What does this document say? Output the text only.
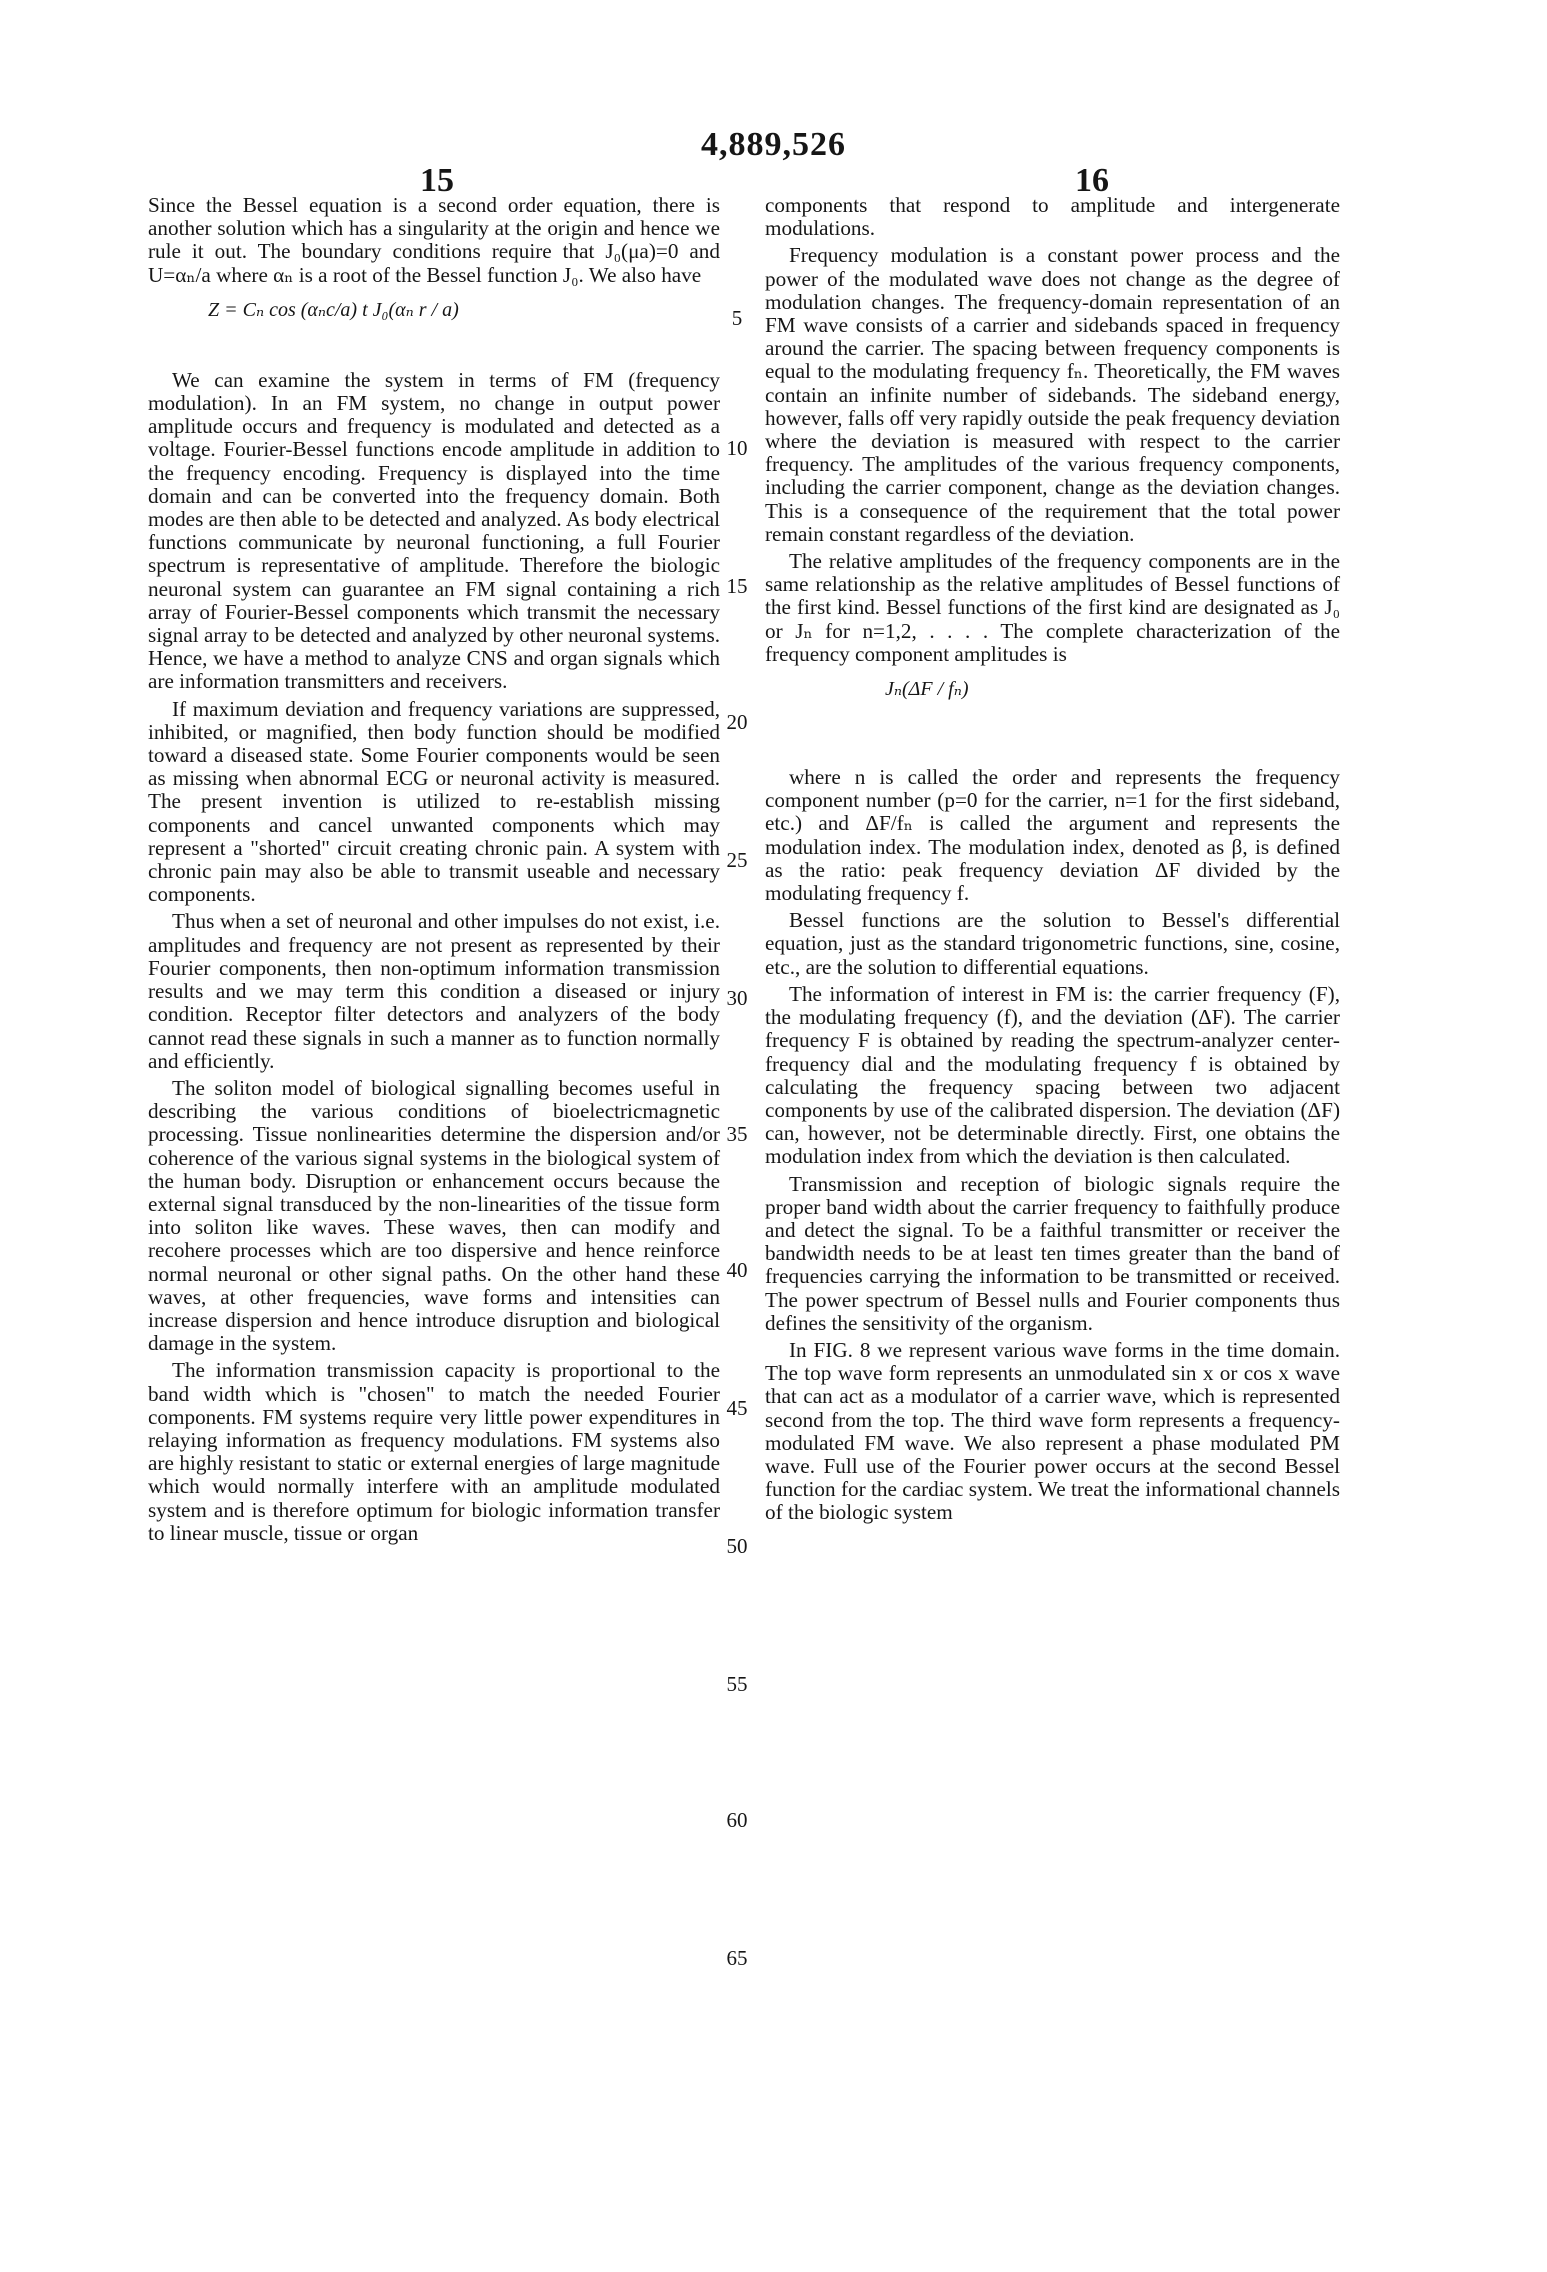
4,889,526
15	16

Since the Bessel equation is a second order equation, there is another solution which has a singularity at the origin and hence we rule it out. The boundary conditions require that J₀(μa)=0 and U=αₙ/a where αₙ is a root of the Bessel function J₀. We also have

Z = Cₙ cos (αₙc/a) t J₀(αₙ r / a)

We can examine the system in terms of FM (frequency modulation). In an FM system, no change in output power amplitude occurs and frequency is modulated and detected as a voltage. Fourier-Bessel functions encode amplitude in addition to the frequency encoding. Frequency is displayed into the time domain and can be converted into the frequency domain. Both modes are then able to be detected and analyzed. As body electrical functions communicate by neuronal functioning, a full Fourier spectrum is representative of amplitude. Therefore the biologic neuronal system can guarantee an FM signal containing a rich array of Fourier-Bessel components which transmit the necessary signal array to be detected and analyzed by other neuronal systems. Hence, we have a method to analyze CNS and organ signals which are information transmitters and receivers.

If maximum deviation and frequency variations are suppressed, inhibited, or magnified, then body function should be modified toward a diseased state. Some Fourier components would be seen as missing when abnormal ECG or neuronal activity is measured. The present invention is utilized to re-establish missing components and cancel unwanted components which may represent a "shorted" circuit creating chronic pain. A system with chronic pain may also be able to transmit useable and necessary components.

Thus when a set of neuronal and other impulses do not exist, i.e. amplitudes and frequency are not present as represented by their Fourier components, then non-optimum information transmission results and we may term this condition a diseased or injury condition. Receptor filter detectors and analyzers of the body cannot read these signals in such a manner as to function normally and efficiently.

The soliton model of biological signalling becomes useful in describing the various conditions of bioelectricmagnetic processing. Tissue nonlinearities determine the dispersion and/or coherence of the various signal systems in the biological system of the human body. Disruption or enhancement occurs because the external signal transduced by the non-linearities of the tissue form into soliton like waves. These waves, then can modify and recohere processes which are too dispersive and hence reinforce normal neuronal or other signal paths. On the other hand these waves, at other frequencies, wave forms and intensities can increase dispersion and hence introduce disruption and biological damage in the system.

The information transmission capacity is proportional to the band width which is "chosen" to match the needed Fourier components. FM systems require very little power expenditures in relaying information as frequency modulations. FM systems also are highly resistant to static or external energies of large magnitude which would normally interfere with an amplitude modulated system and is therefore optimum for biologic information transfer to linear muscle, tissue or organ

components that respond to amplitude and intergenerate modulations.

Frequency modulation is a constant power process and the power of the modulated wave does not change as the degree of modulation changes. The frequency-domain representation of an FM wave consists of a carrier and sidebands spaced in frequency around the carrier. The spacing between frequency components is equal to the modulating frequency fₙ. Theoretically, the FM waves contain an infinite number of sidebands. The sideband energy, however, falls off very rapidly outside the peak frequency deviation where the deviation is measured with respect to the carrier frequency. The amplitudes of the various frequency components, including the carrier component, change as the deviation changes. This is a consequence of the requirement that the total power remain constant regardless of the deviation.

The relative amplitudes of the frequency components are in the same relationship as the relative amplitudes of Bessel functions of the first kind. Bessel functions of the first kind are designated as J₀ or Jₙ for n=1,2, . . . . The complete characterization of the frequency component amplitudes is

Jₙ(ΔF / fₙ)

where n is called the order and represents the frequency component number (p=0 for the carrier, n=1 for the first sideband, etc.) and ΔF/fₙ is called the argument and represents the modulation index. The modulation index, denoted as β, is defined as the ratio: peak frequency deviation ΔF divided by the modulating frequency f.

Bessel functions are the solution to Bessel's differential equation, just as the standard trigonometric functions, sine, cosine, etc., are the solution to differential equations.

The information of interest in FM is: the carrier frequency (F), the modulating frequency (f), and the deviation (ΔF). The carrier frequency F is obtained by reading the spectrum-analyzer center-frequency dial and the modulating frequency f is obtained by calculating the frequency spacing between two adjacent components by use of the calibrated dispersion. The deviation (ΔF) can, however, not be determinable directly. First, one obtains the modulation index from which the deviation is then calculated.

Transmission and reception of biologic signals require the proper band width about the carrier frequency to faithfully produce and detect the signal. To be a faithful transmitter or receiver the bandwidth needs to be at least ten times greater than the band of frequencies carrying the information to be transmitted or received. The power spectrum of Bessel nulls and Fourier components thus defines the sensitivity of the organism.

In FIG. 8 we represent various wave forms in the time domain. The top wave form represents an unmodulated sin x or cos x wave that can act as a modulator of a carrier wave, which is represented second from the top. The third wave form represents a frequency-modulated FM wave. We also represent a phase modulated PM wave. Full use of the Fourier power occurs at the second Bessel function for the cardiac system. We treat the informational channels of the biologic system

5
10
15
20
25
30
35
40
45
50
55
60
65
